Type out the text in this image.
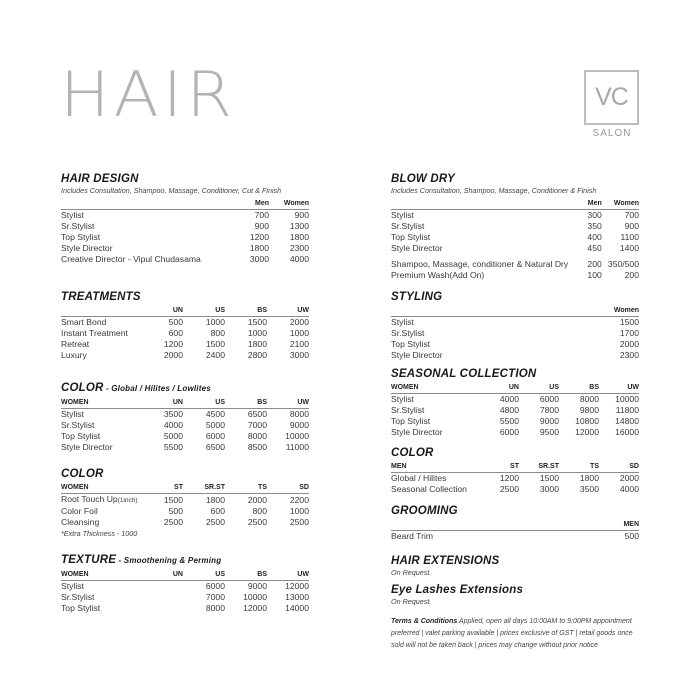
HAIR	VC
SALON
HAIR DESIGN
Includes Consultation, Shampoo, Massage, Conditioner, Cut & Finish
	Men	Women
Stylist	700	900
Sr.Stylist	900	1300
Top Stylist	1200	1800
Style Director	1800	2300
Creative Director - Vipul Chudasama	3000	4000
TREATMENTS
	UN	US	BS	UW
Smart Bond	500	1000	1500	2000
Instant Treatment	600	800	1000	1000
Retreat	1200	1500	1800	2100
Luxury	2000	2400	2800	3000
COLOR - Global / Hilites / Lowlites
WOMEN	UN	US	BS	UW
Stylist	3500	4500	6500	8000
Sr.Stylist	4000	5000	7000	9000
Top Stylist	5000	6000	8000	10000
Style Director	5500	6500	8500	11000
COLOR
WOMEN	ST	SR.ST	TS	SD
Root Touch Up(1inch)	1500	1800	2000	2200
Color Foil	500	600	800	1000
Cleansing	2500	2500	2500	2500
*Extra Thickness - 1000
TEXTURE - Smoothening & Perming
WOMEN	UN	US	BS	UW
Stylist		6000	9000	12000
Sr.Stylist		7000	10000	13000
Top Stylist		8000	12000	14000
BLOW DRY
Includes Consultation, Shampoo, Massage, Conditioner & Finish
	Men	Women
Stylist	300	700
Sr.Stylist	350	900
Top Stylist	400	1100
Style Director	450	1400

Shampoo, Massage, conditioner & Natural Dry	200	350/500
Premium Wash(Add On)	100	200
STYLING
	Women
Stylist	1500
Sr.Stylist	1700
Top Stylist	2000
Style Director	2300
SEASONAL COLLECTION
WOMEN	UN	US	BS	UW
Stylist	4000	6000	8000	10000
Sr.Stylist	4800	7800	9800	11800
Top Stylist	5500	9000	10800	14800
Style Director	6000	9500	12000	16000
COLOR
MEN	ST	SR.ST	TS	SD
Global / Hilites	1200	1500	1800	2000
Seasonal Collection	2500	3000	3500	4000
GROOMING
	MEN
Beard Trim	500
HAIR EXTENSIONS
On Request.
Eye Lashes Extensions
On Request.
Terms & Conditions Applied, open all days 10:00AM to 9:00PM appointment preferred | valet parking available | prices exclusive of GST | retail goods once sold will not be taken back | prices may change without prior notice
